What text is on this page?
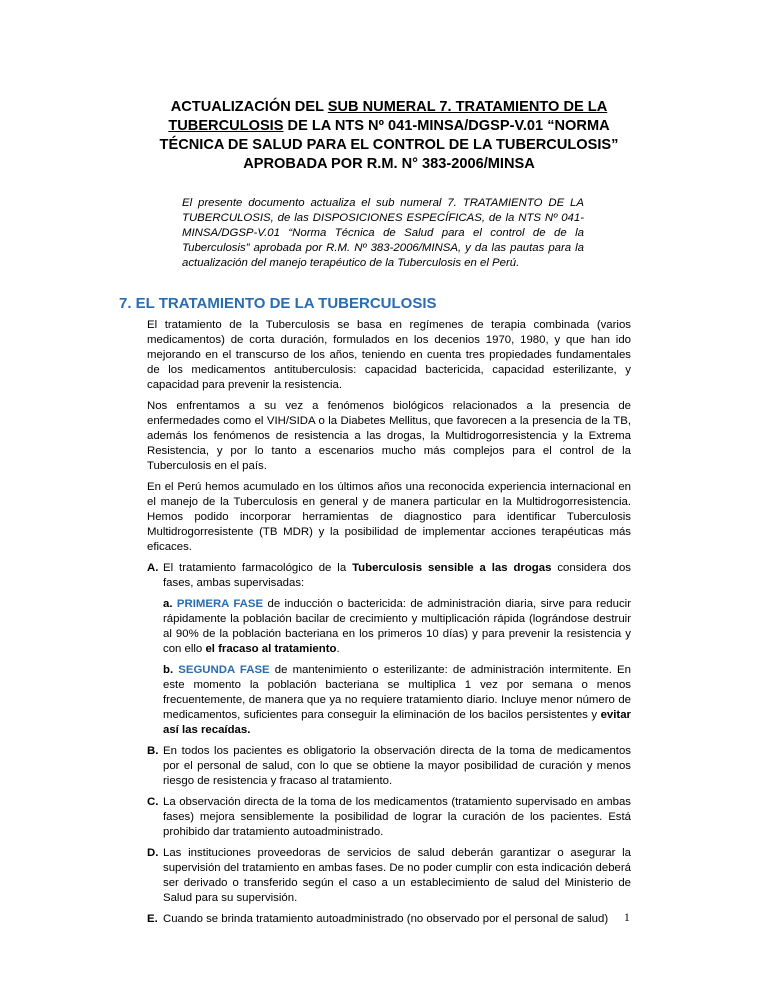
ACTUALIZACIÓN DEL SUB NUMERAL 7. TRATAMIENTO DE LA
TUBERCULOSIS DE LA NTS Nº 041-MINSA/DGSP-V.01 “NORMA
TÉCNICA DE SALUD PARA EL CONTROL DE LA TUBERCULOSIS”
APROBADA POR R.M. N° 383-2006/MINSA
El presente documento actualiza el sub numeral 7. TRATAMIENTO DE LA TUBERCULOSIS, de las DISPOSICIONES ESPECÍFICAS, de la NTS Nº 041-MINSA/DGSP-V.01 “Norma Técnica de Salud para el control de de la Tuberculosis” aprobada por R.M. Nº 383-2006/MINSA, y da las pautas para la actualización del manejo terapéutico de la Tuberculosis en el Perú.
7. EL TRATAMIENTO DE LA TUBERCULOSIS

El tratamiento de la Tuberculosis se basa en regímenes de terapia combinada (varios medicamentos) de corta duración, formulados en los decenios 1970, 1980, y que han ido mejorando en el transcurso de los años, teniendo en cuenta tres propiedades fundamentales de los medicamentos antituberculosis: capacidad bactericida, capacidad esterilizante, y capacidad para prevenir la resistencia.

Nos enfrentamos a su vez a fenómenos biológicos relacionados a la presencia de enfermedades como el VIH/SIDA o la Diabetes Mellitus, que favorecen a la presencia de la TB, además los fenómenos de resistencia a las drogas, la Multidrogorresistencia y la Extrema Resistencia, y por lo tanto a escenarios mucho más complejos para el control de la Tuberculosis en el país.

En el Perú hemos acumulado en los últimos años una reconocida experiencia internacional en el manejo de la Tuberculosis en general y de manera particular en la Multidrogorresistencia. Hemos podido incorporar herramientas de diagnostico para identificar Tuberculosis Multidrogorresistente (TB MDR) y la posibilidad de implementar acciones terapéuticas más eficaces.

A. El tratamiento farmacológico de la Tuberculosis sensible a las drogas considera dos fases, ambas supervisadas:
a. PRIMERA FASE de inducción o bactericida: de administración diaria, sirve para reducir rápidamente la población bacilar de crecimiento y multiplicación rápida (lográndose destruir al 90% de la población bacteriana en los primeros 10 días) y para prevenir la resistencia y con ello el fracaso al tratamiento.
b. SEGUNDA FASE de mantenimiento o esterilizante: de administración intermitente. En este momento la población bacteriana se multiplica 1 vez por semana o menos frecuentemente, de manera que ya no requiere tratamiento diario. Incluye menor número de medicamentos, suficientes para conseguir la eliminación de los bacilos persistentes y evitar así las recaídas.
B. En todos los pacientes es obligatorio la observación directa de la toma de medicamentos por el personal de salud, con lo que se obtiene la mayor posibilidad de curación y menos riesgo de resistencia y fracaso al tratamiento.
C. La observación directa de la toma de los medicamentos (tratamiento supervisado en ambas fases) mejora sensiblemente la posibilidad de lograr la curación de los pacientes. Está prohibido dar tratamiento autoadministrado.
D. Las instituciones proveedoras de servicios de salud deberán garantizar o asegurar la supervisión del tratamiento en ambas fases. De no poder cumplir con esta indicación deberá ser derivado o transferido según el caso a un establecimiento de salud del Ministerio de Salud para su supervisión.
E. Cuando se brinda tratamiento autoadministrado (no observado por el personal de salud)	1
